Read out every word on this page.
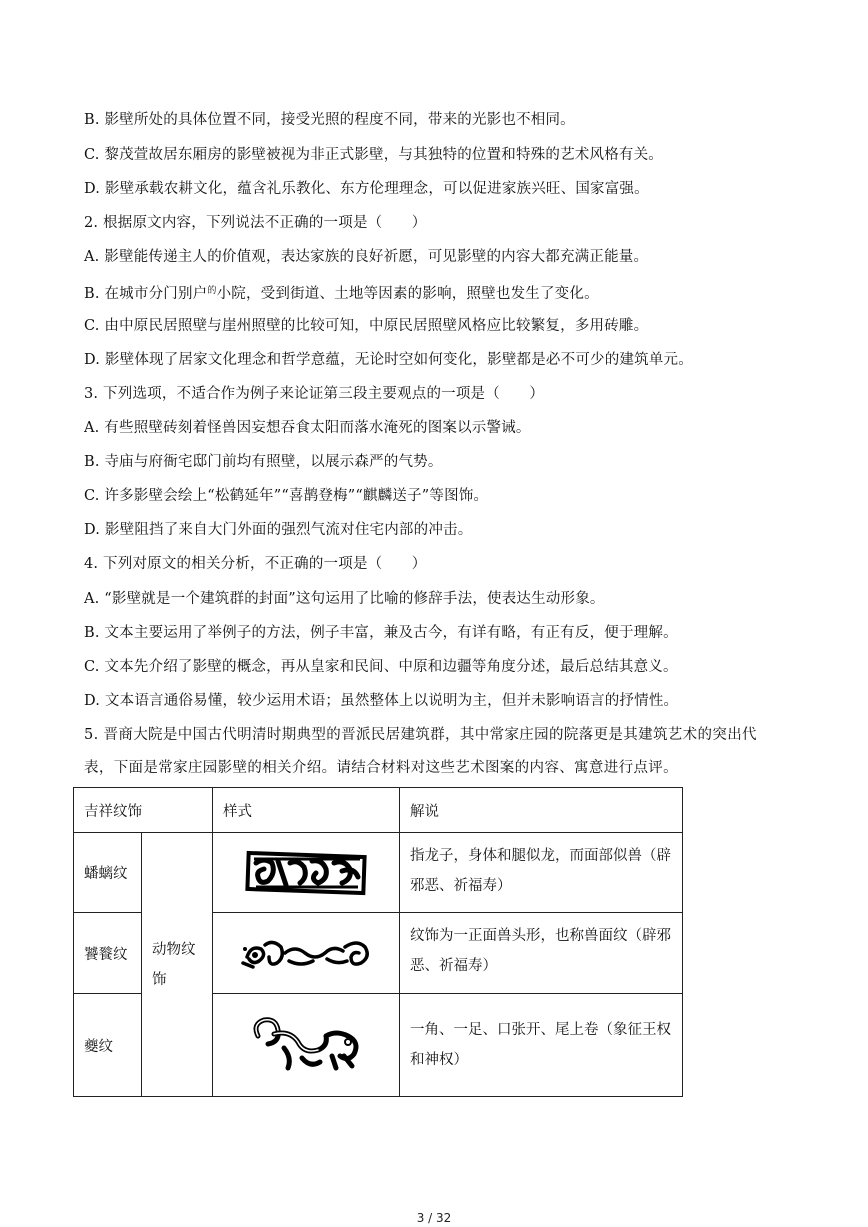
B. 影壁所处的具体位置不同，接受光照的程度不同，带来的光影也不相同。
C. 黎茂萱故居东厢房的影壁被视为非正式影壁，与其独特的位置和特殊的艺术风格有关。
D. 影壁承载农耕文化，蕴含礼乐教化、东方伦理理念，可以促进家族兴旺、国家富强。
2. 根据原文内容，下列说法不正确的一项是（　　）
A. 影壁能传递主人的价值观，表达家族的良好祈愿，可见影壁的内容大都充满正能量。
B. 在城市分门别户$^的$小院，受到街道、土地等因素的影响，照壁也发生了变化。
C. 由中原民居照壁与崖州照壁的比较可知，中原民居照壁风格应比较繁复，多用砖雕。
D. 影壁体现了居家文化理念和哲学意蕴，无论时空如何变化，影壁都是必不可少的建筑单元。
3. 下列选项，不适合作为例子来论证第三段主要观点的一项是（　　）
A. 有些照壁砖刻着怪兽因妄想吞食太阳而落水淹死的图案以示警诫。
B. 寺庙与府衙宅邸门前均有照壁，以展示森严的气势。
C. 许多影壁会绘上“松鹤延年”“喜鹊登梅”“麒麟送子”等图饰。
D. 影壁阻挡了来自大门外面的强烈气流对住宅内部的冲击。
4. 下列对原文的相关分析，不正确的一项是（　　）
A. “影壁就是一个建筑群的封面”这句运用了比喻的修辞手法，使表达生动形象。
B. 文本主要运用了举例子的方法，例子丰富，兼及古今，有详有略，有正有反，便于理解。
C. 文本先介绍了影壁的概念，再从皇家和民间、中原和边疆等角度分述，最后总结其意义。
D. 文本语言通俗易懂，较少运用术语；虽然整体上以说明为主，但并未影响语言的抒情性。
5. 晋商大院是中国古代明清时期典型的晋派民居建筑群，其中常家庄园的院落更是其建筑艺术的突出代表，下面是常家庄园影壁的相关介绍。请结合材料对这些艺术图案的内容、寓意进行点评。
吉祥纹饰		样式	解说
蟠螭纹	动物纹饰		指龙子，身体和腿似龙，而面部似兽（辟邪恶、祈福寿）
饕餮纹			纹饰为一正面兽头形，也称兽面纹（辟邪恶、祈福寿）
夔纹			一角、一足、口张开、尾上卷（象征王权和神权）
3 / 32
